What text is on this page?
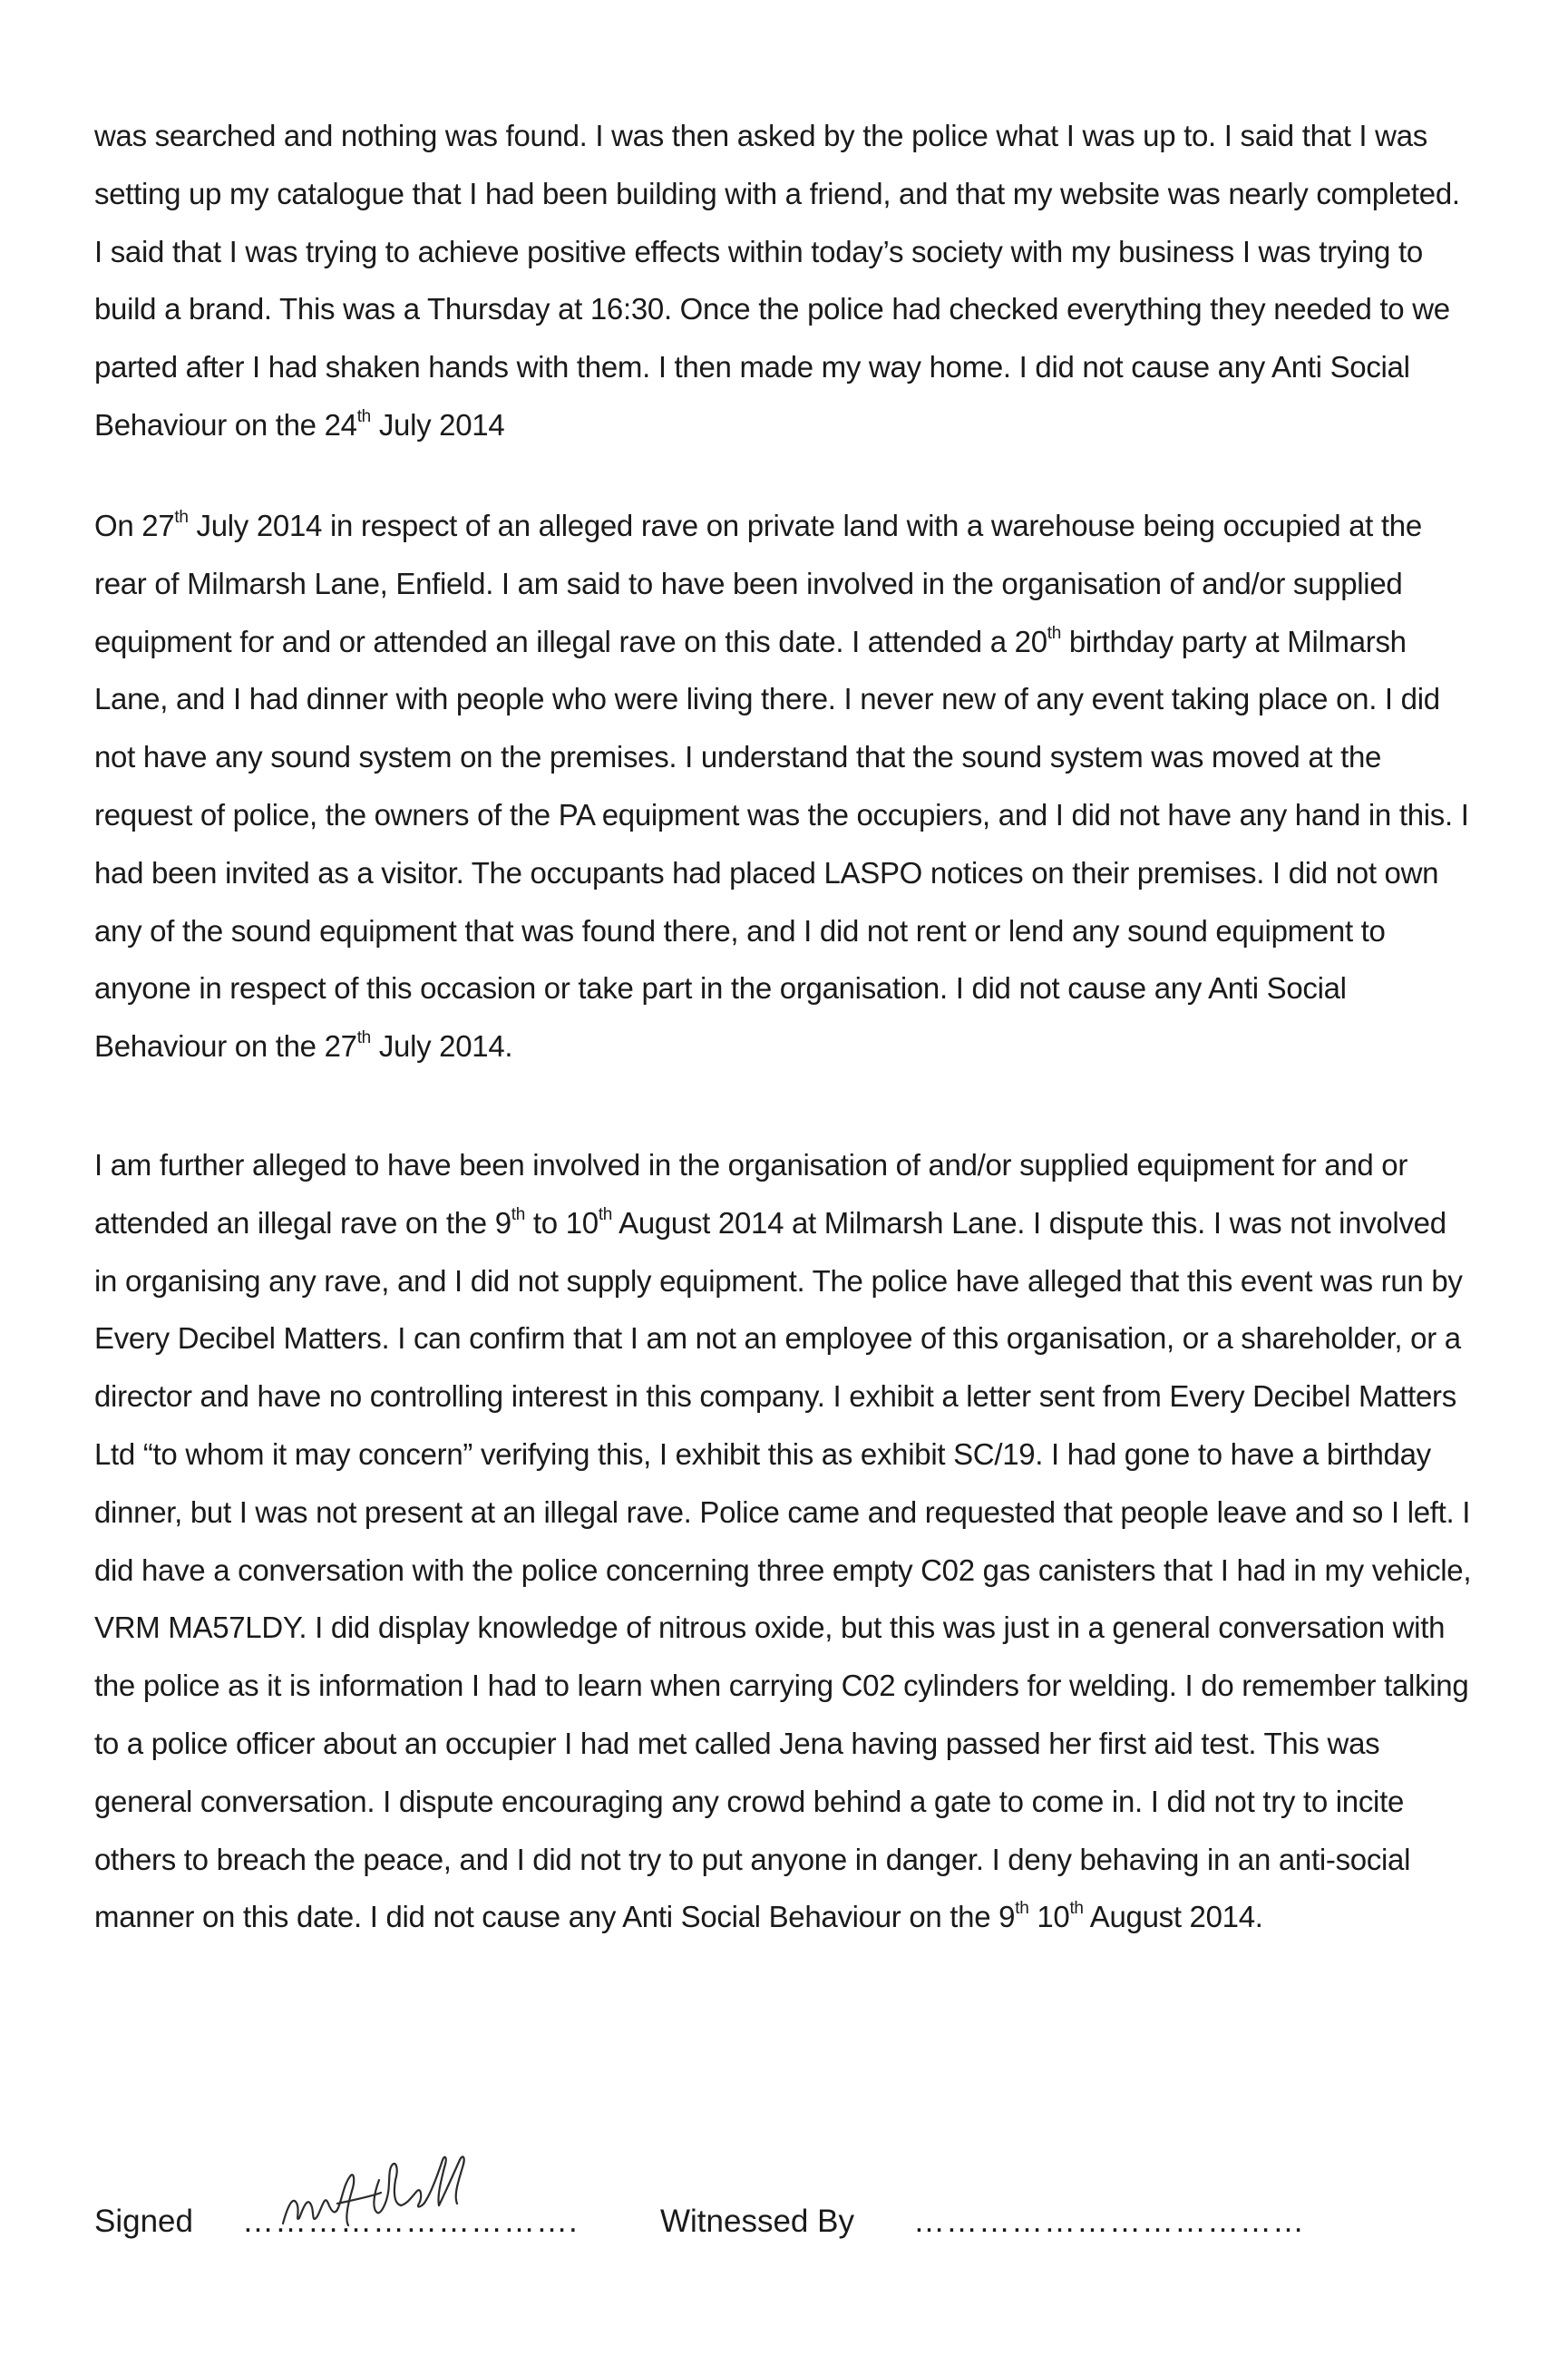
was searched and nothing was found. I was then asked by the police what I was up to. I said that I was setting up my catalogue that I had been building with a friend, and that my website was nearly completed. I said that I was trying to achieve positive effects within today’s society with my business I was trying to build a brand. This was a Thursday at 16:30. Once the police had checked everything they needed to we parted after I had shaken hands with them. I then made my way home. I did not cause any Anti Social Behaviour on the 24th July 2014

On 27th July 2014 in respect of an alleged rave on private land with a warehouse being occupied at the rear of Milmarsh Lane, Enfield. I am said to have been involved in the organisation of and/or supplied equipment for and or attended an illegal rave on this date. I attended a 20th birthday party at Milmarsh Lane, and I had dinner with people who were living there. I never new of any event taking place on. I did not have any sound system on the premises. I understand that the sound system was moved at the request of police, the owners of the PA equipment was the occupiers, and I did not have any hand in this. I had been invited as a visitor. The occupants had placed LASPO notices on their premises. I did not own any of the sound equipment that was found there, and I did not rent or lend any sound equipment to anyone in respect of this occasion or take part in the organisation. I did not cause any Anti Social Behaviour on the 27th July 2014.

I am further alleged to have been involved in the organisation of and/or supplied equipment for and or attended an illegal rave on the 9th to 10th August 2014 at Milmarsh Lane. I dispute this. I was not involved in organising any rave, and I did not supply equipment. The police have alleged that this event was run by Every Decibel Matters. I can confirm that I am not an employee of this organisation, or a shareholder, or a director and have no controlling interest in this company. I exhibit a letter sent from Every Decibel Matters Ltd “to whom it may concern” verifying this, I exhibit this as exhibit SC/19. I had gone to have a birthday dinner, but I was not present at an illegal rave. Police came and requested that people leave and so I left. I did have a conversation with the police concerning three empty C02 gas canisters that I had in my vehicle, VRM MA57LDY. I did display knowledge of nitrous oxide, but this was just in a general conversation with the police as it is information I had to learn when carrying C02 cylinders for welding. I do remember talking to a police officer about an occupier I had met called Jena having passed her first aid test. This was general conversation. I dispute encouraging any crowd behind a gate to come in. I did not try to incite others to breach the peace, and I did not try to put anyone in danger. I deny behaving in an anti-social manner on this date. I did not cause any Anti Social Behaviour on the 9th 10th August 2014.

Signed ………………………….	Witnessed By ………………………………
